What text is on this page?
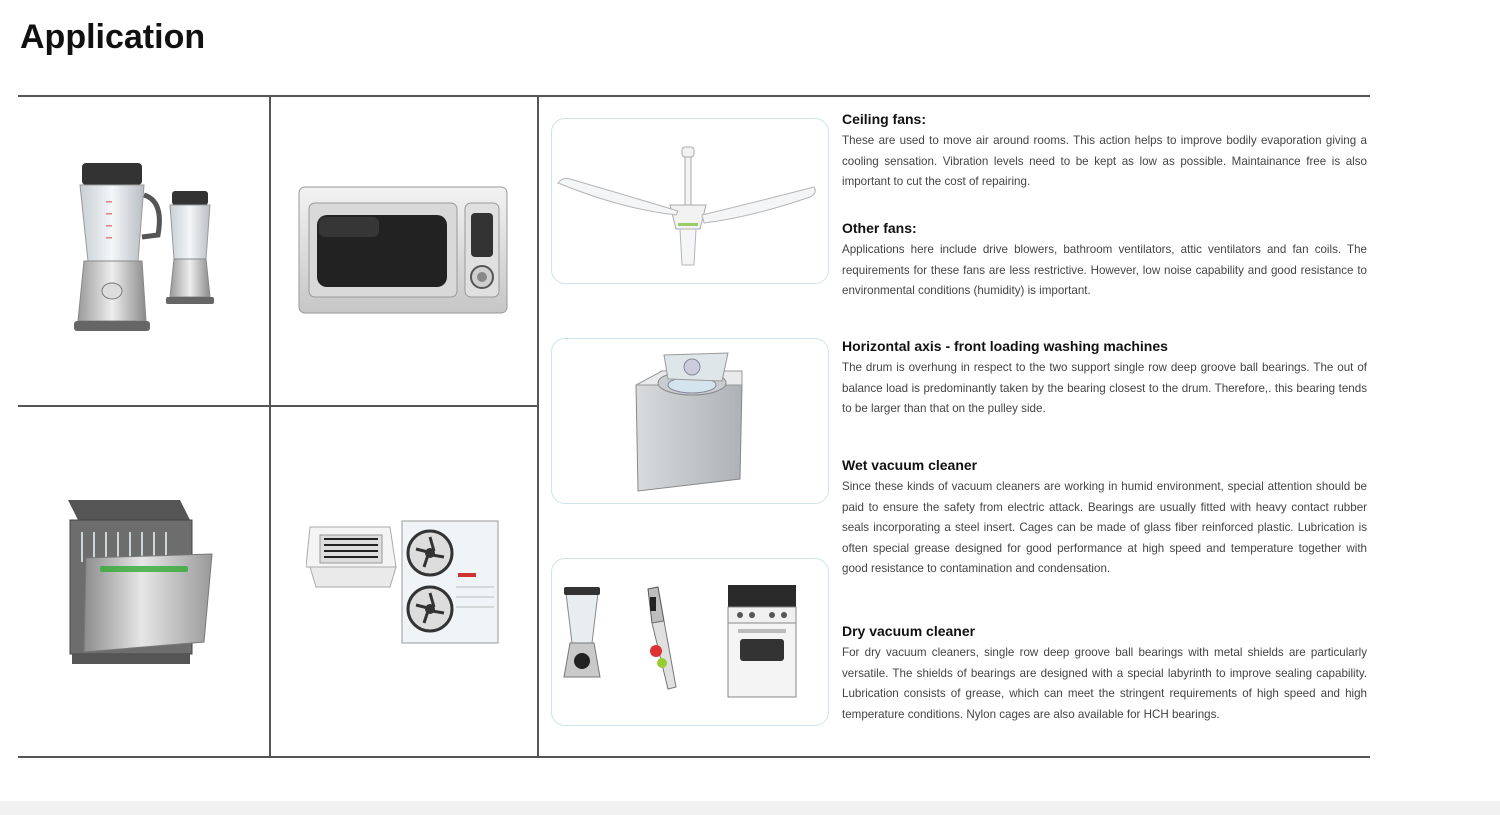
Application
Ceiling fans:

These are used to move air around rooms. This action helps to improve bodily evaporation giving a cooling sensation. Vibration levels need to be kept as low as possible. Maintainance free is also important to cut the cost of repairing.

Other fans:

Applications here include drive blowers, bathroom ventilators, attic ventilators and fan coils. The requirements for these fans are less restrictive. However, low noise capability and good resistance to environmental conditions (humidity) is important.

Horizontal axis - front loading washing machines

The drum is overhung in respect to the two support single row deep groove ball bearings. The out of balance load is predominantly taken by the bearing closest to the drum. Therefore,. this bearing tends to be larger than that on the pulley side.

Wet vacuum cleaner

Since these kinds of vacuum cleaners are working in humid environment, special attention should be paid to ensure the safety from electric attack. Bearings are usually fitted with heavy contact rubber seals incorporating a steel insert. Cages can be made of glass fiber reinforced plastic. Lubrication is often special grease designed for good performance at high speed and temperature together with good resistance to contamination and condensation.

Dry vacuum cleaner

For dry vacuum cleaners, single row deep groove ball bearings with metal shields are particularly versatile. The shields of bearings are designed with a special labyrinth to improve sealing capability. Lubrication consists of grease, which can meet the stringent requirements of high speed and high temperature conditions. Nylon cages are also available for HCH bearings.
